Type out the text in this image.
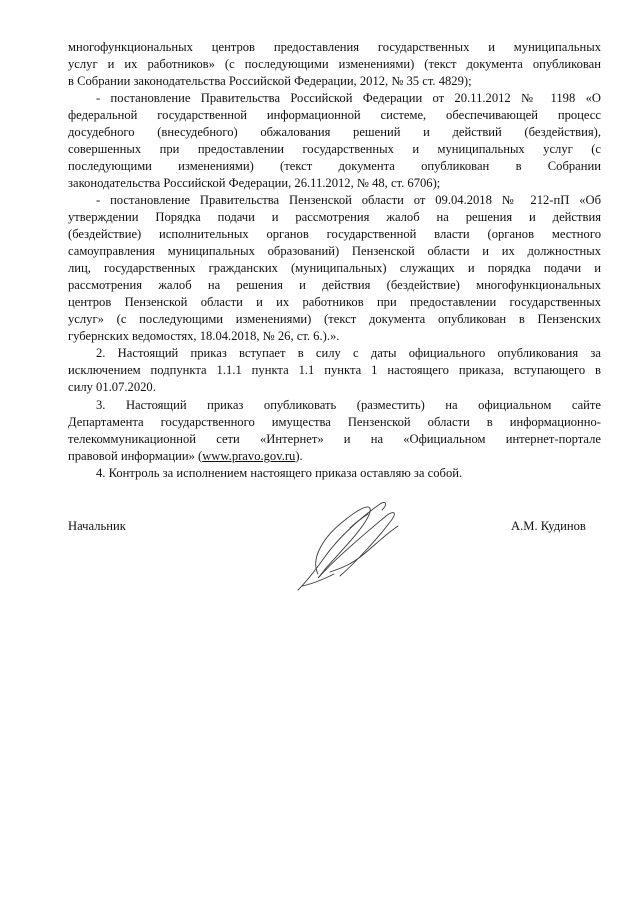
многофункциональных центров предоставления государственных и муниципальных
услуг и их работников» (с последующими изменениями) (текст документа опубликован
в Собрании законодательства Российской Федерации, 2012, № 35 ст. 4829);
- постановление Правительства Российской Федерации от 20.11.2012 № 1198 «О
федеральной государственной информационной системе, обеспечивающей процесс
досудебного (внесудебного) обжалования решений и действий (бездействия),
совершенных при предоставлении государственных и муниципальных услуг (с
последующими изменениями) (текст документа опубликован в Собрании
законодательства Российской Федерации, 26.11.2012, № 48, ст. 6706);
- постановление Правительства Пензенской области от 09.04.2018 № 212-пП «Об
утверждении Порядка подачи и рассмотрения жалоб на решения и действия
(бездействие) исполнительных органов государственной власти (органов местного
самоуправления муниципальных образований) Пензенской области и их должностных
лиц, государственных гражданских (муниципальных) служащих и порядка подачи и
рассмотрения жалоб на решения и действия (бездействие) многофункциональных
центров Пензенской области и их работников при предоставлении государственных
услуг» (с последующими изменениями) (текст документа опубликован в Пензенских
губернских ведомостях, 18.04.2018, № 26, ст. 6.).».
2. Настоящий приказ вступает в силу с даты официального опубликования за
исключением подпункта 1.1.1 пункта 1.1 пункта 1 настоящего приказа, вступающего в
силу 01.07.2020.
3. Настоящий приказ опубликовать (разместить) на официальном сайте
Департамента государственного имущества Пензенской области в информационно-
телекоммуникационной сети «Интернет» и на «Официальном интернет-портале
правовой информации» (www.pravo.gov.ru).
4. Контроль за исполнением настоящего приказа оставляю за собой.
Начальник	А.М. Кудинов
